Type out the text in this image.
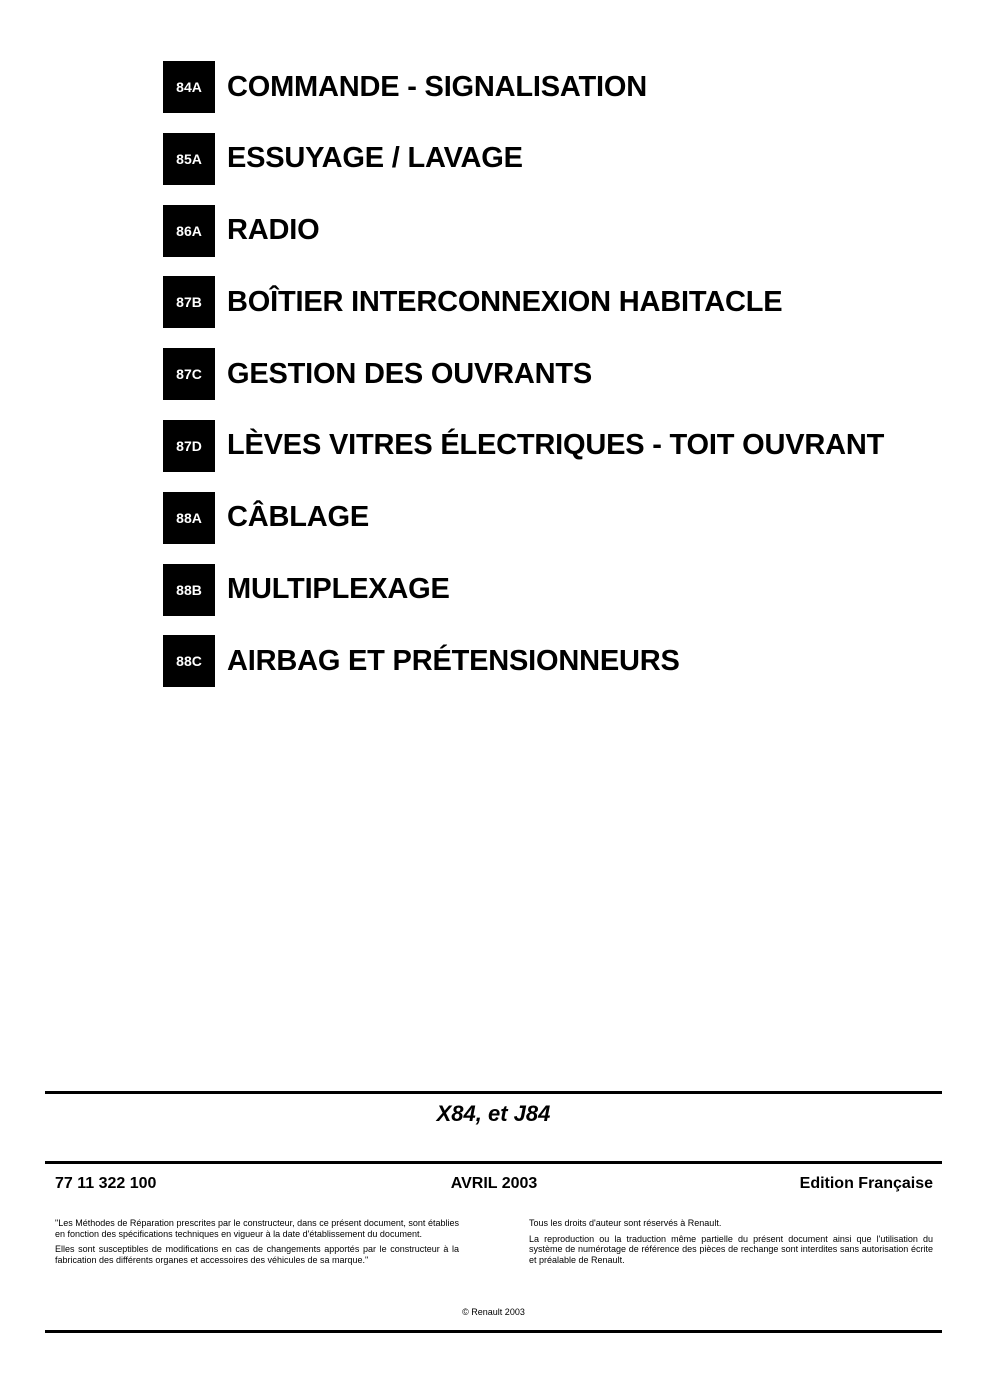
84A COMMANDE - SIGNALISATION
85A ESSUYAGE / LAVAGE
86A RADIO
87B BOÎTIER INTERCONNEXION HABITACLE
87C GESTION DES OUVRANTS
87D LÈVES VITRES ÉLECTRIQUES - TOIT OUVRANT
88A CÂBLAGE
88B MULTIPLEXAGE
88C AIRBAG ET PRÉTENSIONNEURS
X84, et J84
77 11 322 100	AVRIL 2003	Edition Française

"Les Méthodes de Réparation prescrites par le constructeur, dans ce présent document, sont établies en fonction des spécifications techniques en vigueur à la date d'établissement du document.

Elles sont susceptibles de modifications en cas de changements apportés par le constructeur à la fabrication des différents organes et accessoires des véhicules de sa marque."

Tous les droits d'auteur sont réservés à Renault.

La reproduction ou la traduction même partielle du présent document ainsi que l'utilisation du système de numérotage de référence des pièces de rechange sont interdites sans autorisation écrite et préalable de Renault.

© Renault 2003
